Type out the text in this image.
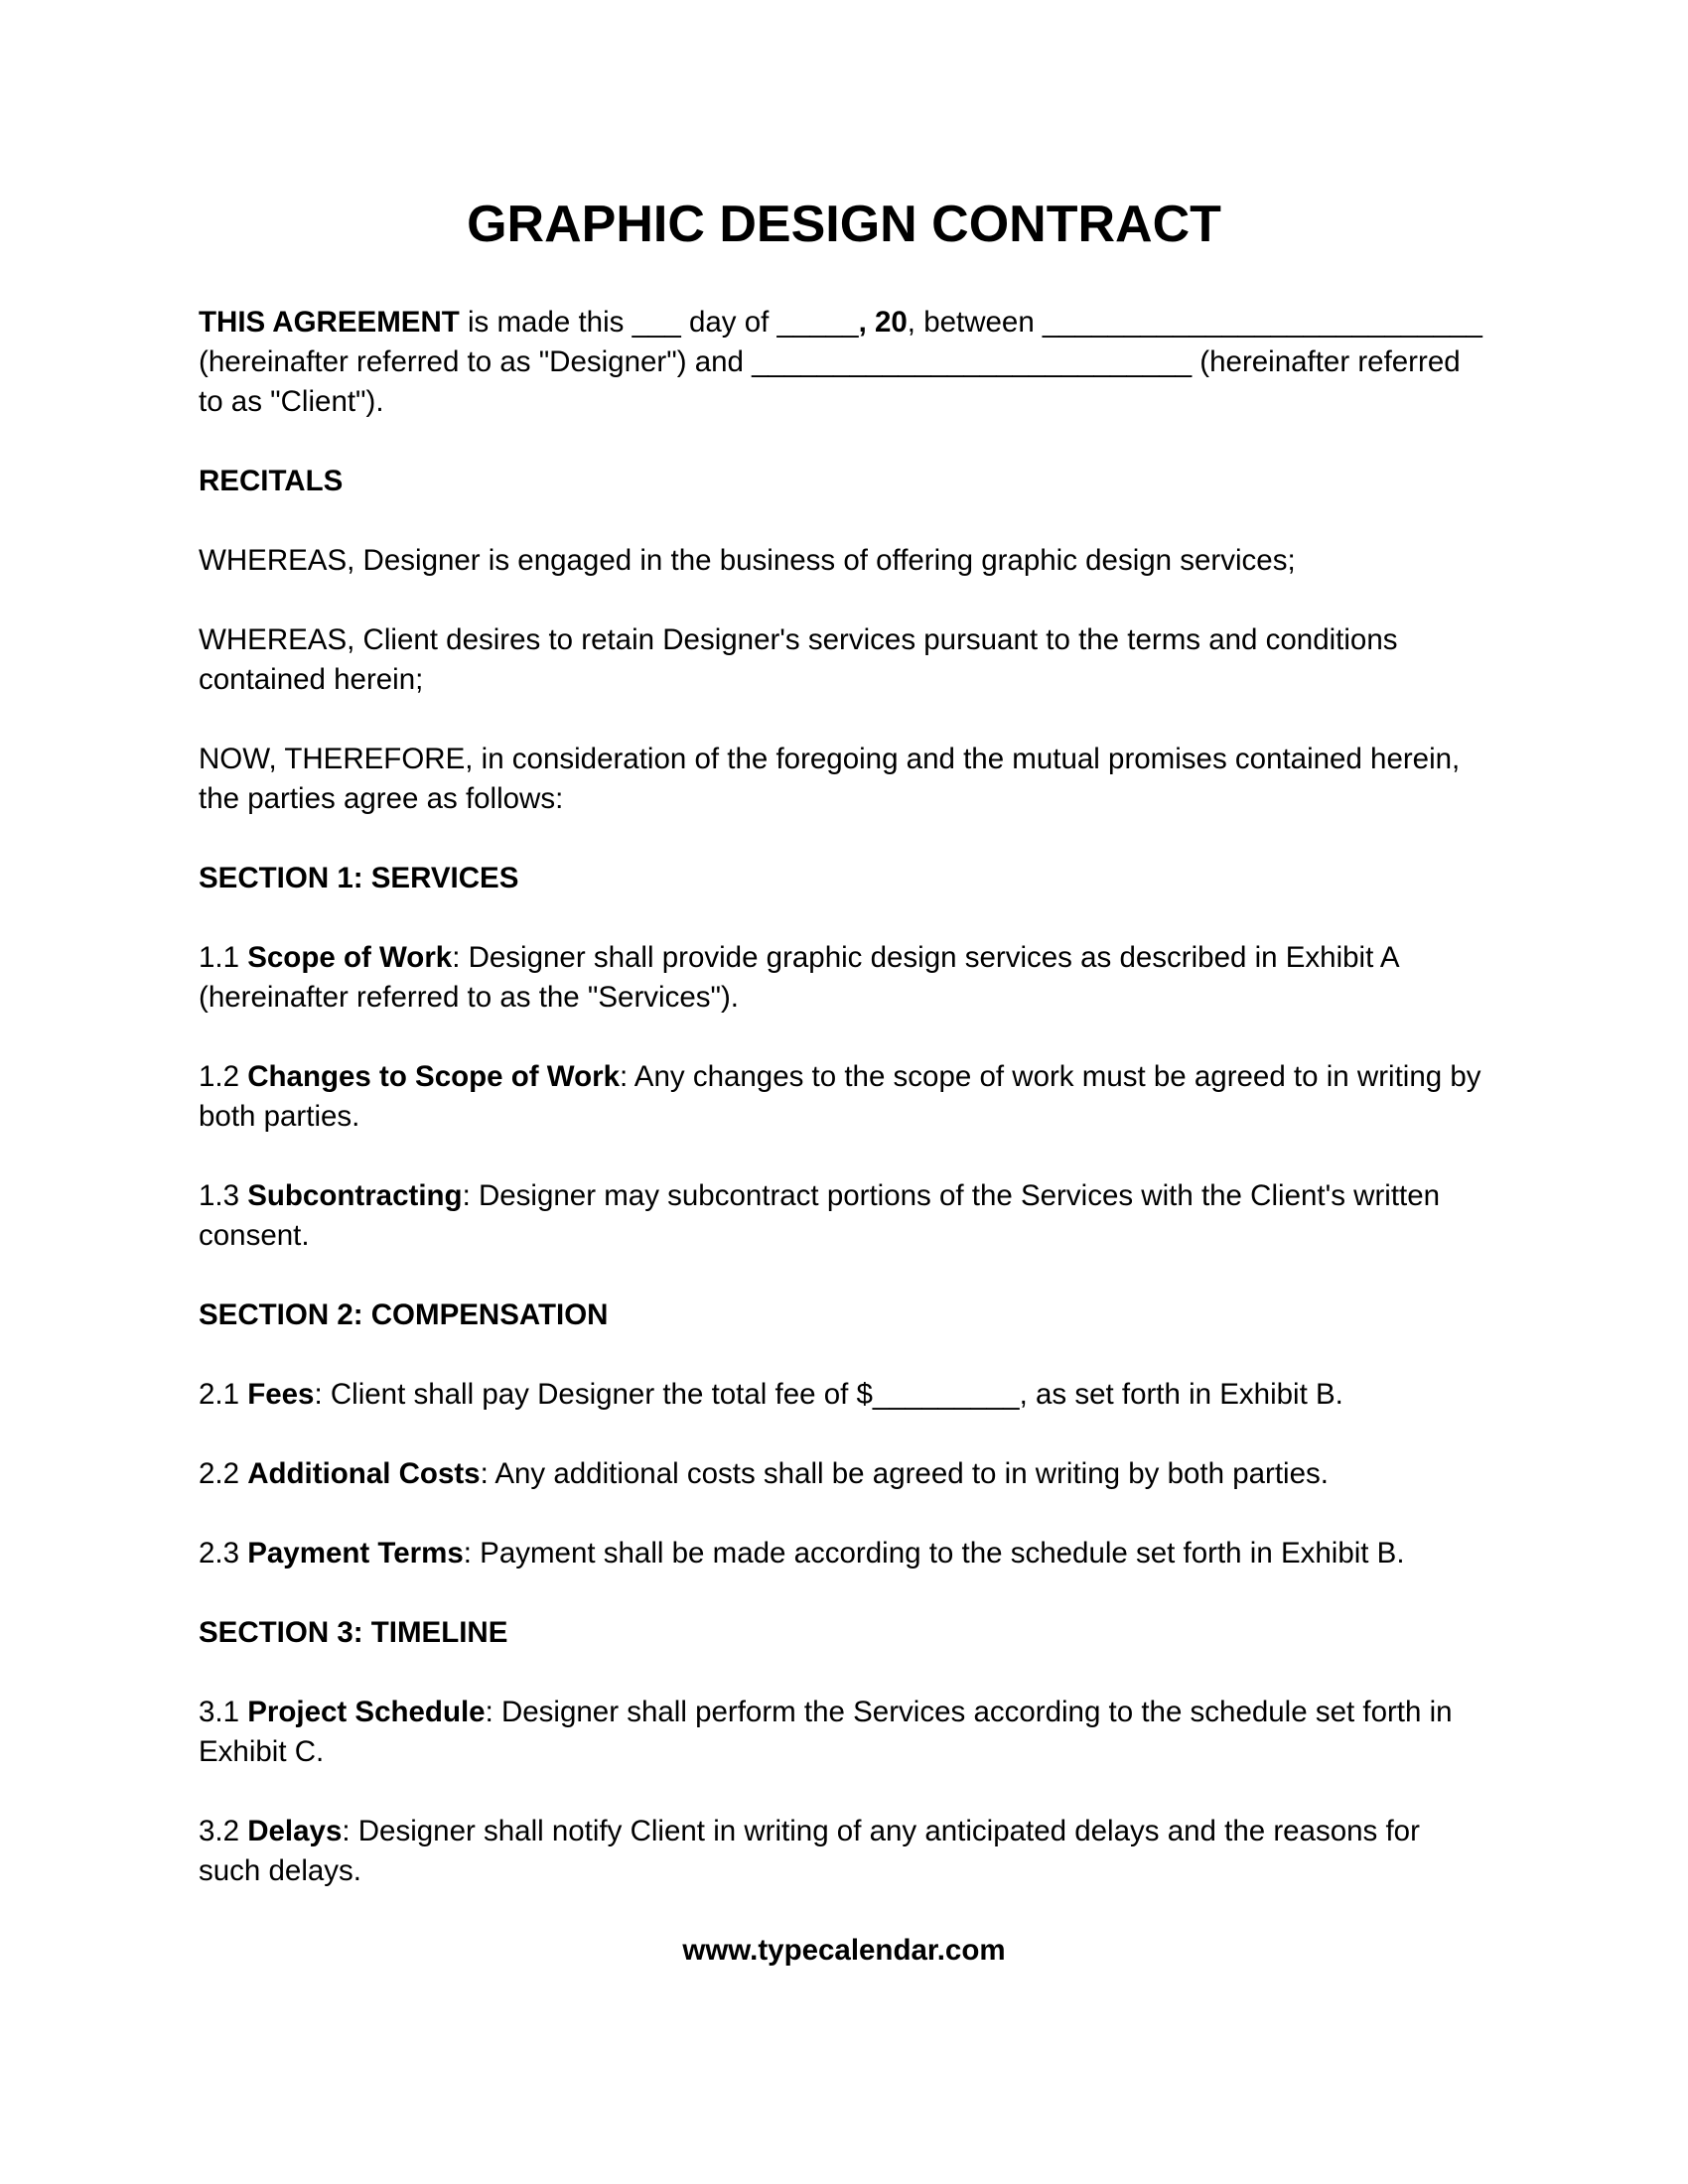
GRAPHIC DESIGN CONTRACT

THIS AGREEMENT is made this ___ day of _____, 20, between ___________________________ (hereinafter referred to as "Designer") and ___________________________ (hereinafter referred to as "Client").

RECITALS

WHEREAS, Designer is engaged in the business of offering graphic design services;

WHEREAS, Client desires to retain Designer's services pursuant to the terms and conditions contained herein;

NOW, THEREFORE, in consideration of the foregoing and the mutual promises contained herein, the parties agree as follows:

SECTION 1: SERVICES

1.1 Scope of Work: Designer shall provide graphic design services as described in Exhibit A (hereinafter referred to as the "Services").

1.2 Changes to Scope of Work: Any changes to the scope of work must be agreed to in writing by both parties.

1.3 Subcontracting: Designer may subcontract portions of the Services with the Client's written consent.

SECTION 2: COMPENSATION

2.1 Fees: Client shall pay Designer the total fee of $_________, as set forth in Exhibit B.

2.2 Additional Costs: Any additional costs shall be agreed to in writing by both parties.

2.3 Payment Terms: Payment shall be made according to the schedule set forth in Exhibit B.

SECTION 3: TIMELINE

3.1 Project Schedule: Designer shall perform the Services according to the schedule set forth in Exhibit C.

3.2 Delays: Designer shall notify Client in writing of any anticipated delays and the reasons for such delays.

www.typecalendar.com
